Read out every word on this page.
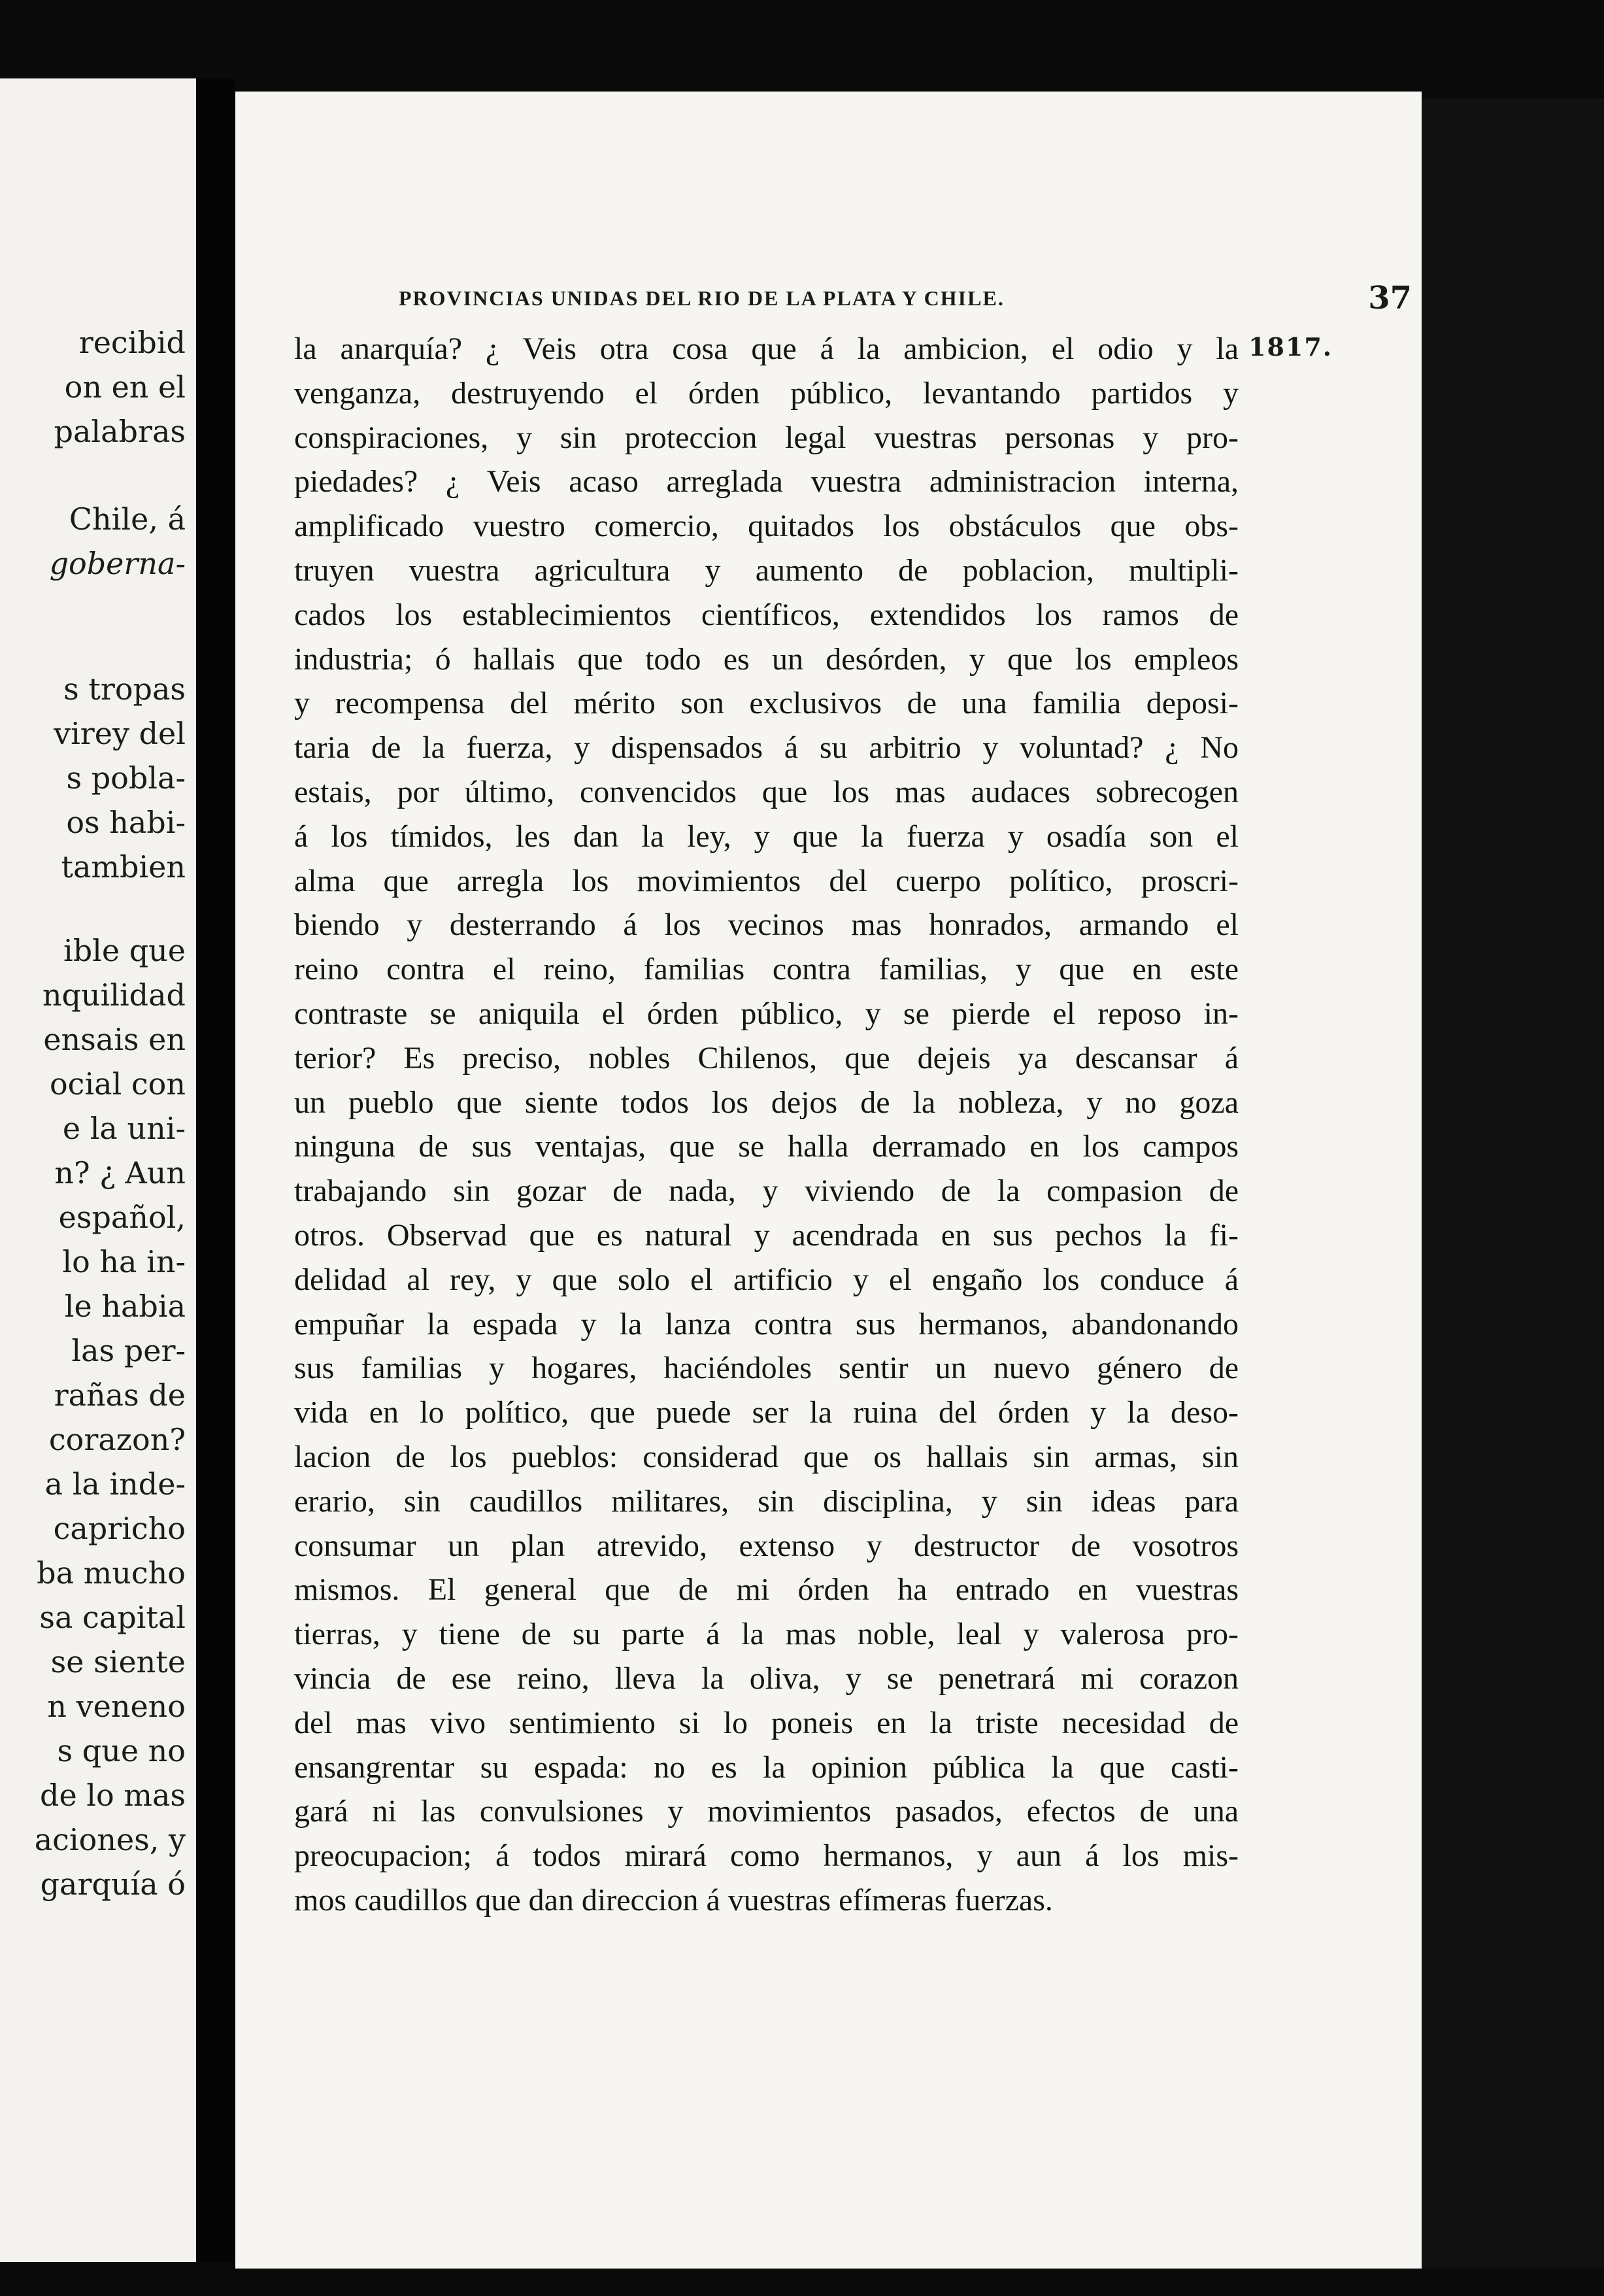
recibid
on en el
palabras
Chile, á
goberna-
s tropas
virey del
s pobla-
os habi-
tambien
ible que
nquilidad
ensais en
ocial con
e la uni-
n? ¿ Aun
español,
lo ha in-
le habia
las per-
rañas de
corazon?
a la inde-
capricho
ba mucho
sa capital
se siente
n veneno
s que no
de lo mas
aciones, y
garquía ó

PROVINCIAS UNIDAS DEL RIO DE LA PLATA Y CHILE.	37

1817.

la anarquía? ¿ Veis otra cosa que á la ambicion, el odio y la
venganza, destruyendo el órden público, levantando partidos y
conspiraciones, y sin proteccion legal vuestras personas y pro-
piedades? ¿ Veis acaso arreglada vuestra administracion interna,
amplificado vuestro comercio, quitados los obstáculos que obs-
truyen vuestra agricultura y aumento de poblacion, multipli-
cados los establecimientos científicos, extendidos los ramos de
industria; ó hallais que todo es un desórden, y que los empleos
y recompensa del mérito son exclusivos de una familia deposi-
taria de la fuerza, y dispensados á su arbitrio y voluntad? ¿ No
estais, por último, convencidos que los mas audaces sobrecogen
á los tímidos, les dan la ley, y que la fuerza y osadía son el
alma que arregla los movimientos del cuerpo político, proscri-
biendo y desterrando á los vecinos mas honrados, armando el
reino contra el reino, familias contra familias, y que en este
contraste se aniquila el órden público, y se pierde el reposo in-
terior? Es preciso, nobles Chilenos, que dejeis ya descansar á
un pueblo que siente todos los dejos de la nobleza, y no goza
ninguna de sus ventajas, que se halla derramado en los campos
trabajando sin gozar de nada, y viviendo de la compasion de
otros. Observad que es natural y acendrada en sus pechos la fi-
delidad al rey, y que solo el artificio y el engaño los conduce á
empuñar la espada y la lanza contra sus hermanos, abandonando
sus familias y hogares, haciéndoles sentir un nuevo género de
vida en lo político, que puede ser la ruina del órden y la deso-
lacion de los pueblos: considerad que os hallais sin armas, sin
erario, sin caudillos militares, sin disciplina, y sin ideas para
consumar un plan atrevido, extenso y destructor de vosotros
mismos. El general que de mi órden ha entrado en vuestras
tierras, y tiene de su parte á la mas noble, leal y valerosa pro-
vincia de ese reino, lleva la oliva, y se penetrará mi corazon
del mas vivo sentimiento si lo poneis en la triste necesidad de
ensangrentar su espada: no es la opinion pública la que casti-
gará ni las convulsiones y movimientos pasados, efectos de una
preocupacion; á todos mirará como hermanos, y aun á los mis-
mos caudillos que dan direccion á vuestras efímeras fuerzas.
